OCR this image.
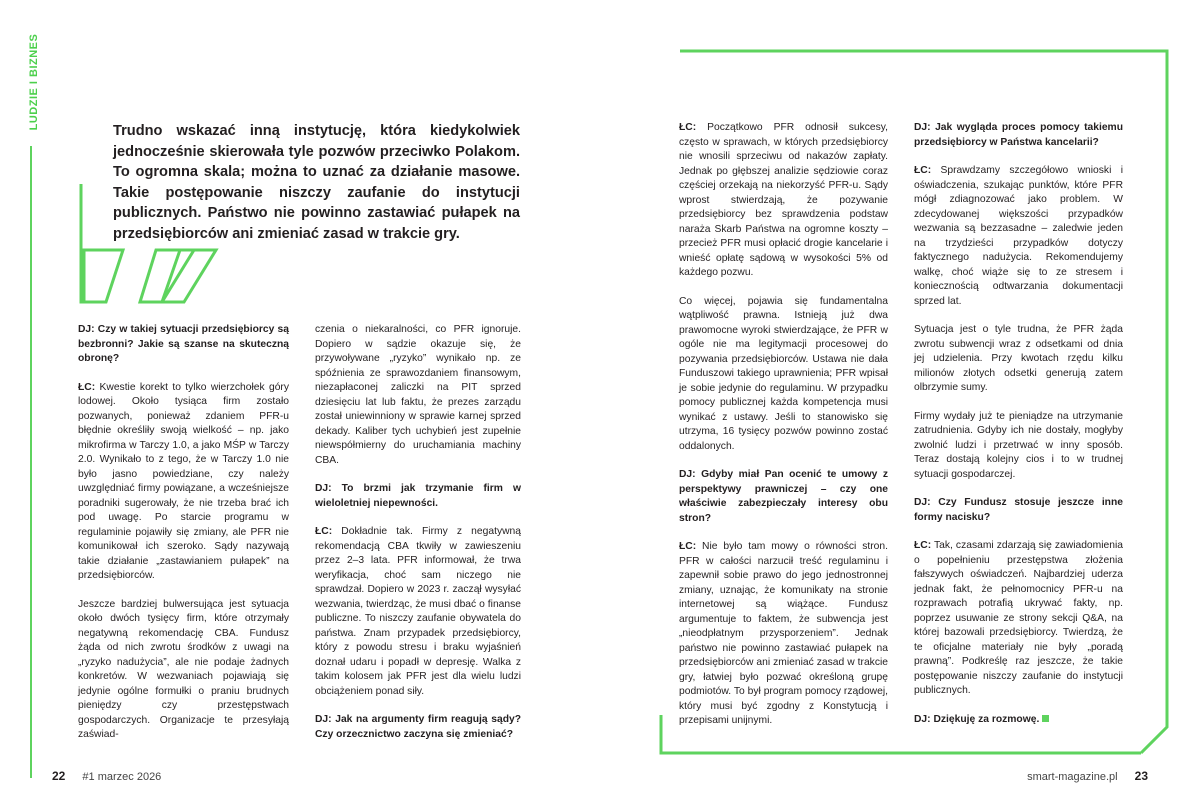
LUDZIE I BIZNES
Trudno wskazać inną instytucję, która kiedykolwiek jednocześnie skierowała tyle pozwów przeciwko Polakom. To ogromna skala; można to uznać za działanie masowe. Takie postępowanie niszczy zaufanie do instytucji publicznych. Państwo nie powinno zastawiać pułapek na przedsiębiorców ani zmieniać zasad w trakcie gry.

DJ: Czy w takiej sytuacji przedsiębiorcy są bezbronni? Jakie są szanse na skuteczną obronę?

ŁC: Kwestie korekt to tylko wierzchołek góry lodowej. Około tysiąca firm zostało pozwanych, ponieważ zdaniem PFR-u błędnie określiły swoją wielkość – np. jako mikrofirma w Tarczy 1.0, a jako MŚP w Tarczy 2.0. Wynikało to z tego, że w Tarczy 1.0 nie było jasno powiedziane, czy należy uwzględniać firmy powiązane, a wcześniejsze poradniki sugerowały, że nie trzeba brać ich pod uwagę. Po starcie programu w regulaminie pojawiły się zmiany, ale PFR nie komunikował ich szeroko. Sądy nazywają takie działanie „zastawianiem pułapek” na przedsiębiorców.

Jeszcze bardziej bulwersująca jest sytuacja około dwóch tysięcy firm, które otrzymały negatywną rekomendację CBA. Fundusz żąda od nich zwrotu środków z uwagi na „ryzyko nadużycia”, ale nie podaje żadnych konkretów. W wezwaniach pojawiają się jedynie ogólne formułki o praniu brudnych pieniędzy czy przestępstwach gospodarczych. Organizacje te przesyłają zaświad-

czenia o niekaralności, co PFR ignoruje. Dopiero w sądzie okazuje się, że przywoływane „ryzyko” wynikało np. ze spóźnienia ze sprawozdaniem finansowym, niezapłaconej zaliczki na PIT sprzed dziesięciu lat lub faktu, że prezes zarządu został uniewinniony w sprawie karnej sprzed dekady. Kaliber tych uchybień jest zupełnie niewspółmierny do uruchamiania machiny CBA.

DJ: To brzmi jak trzymanie firm w wieloletniej niepewności.

ŁC: Dokładnie tak. Firmy z negatywną rekomendacją CBA tkwiły w zawieszeniu przez 2–3 lata. PFR informował, że trwa weryfikacja, choć sam niczego nie sprawdzał. Dopiero w 2023 r. zaczął wysyłać wezwania, twierdząc, że musi dbać o finanse publiczne. To niszczy zaufanie obywatela do państwa. Znam przypadek przedsiębiorcy, który z powodu stresu i braku wyjaśnień doznał udaru i popadł w depresję. Walka z takim kolosem jak PFR jest dla wielu ludzi obciążeniem ponad siły.

DJ: Jak na argumenty firm reagują sądy? Czy orzecznictwo zaczyna się zmieniać?

ŁC: Początkowo PFR odnosił sukcesy, często w sprawach, w których przedsiębiorcy nie wnosili sprzeciwu od nakazów zapłaty. Jednak po głębszej analizie sędziowie coraz częściej orzekają na niekorzyść PFR-u. Sądy wprost stwierdzają, że pozywanie przedsiębiorcy bez sprawdzenia podstaw naraża Skarb Państwa na ogromne koszty – przecież PFR musi opłacić drogie kancelarie i wnieść opłatę sądową w wysokości 5% od każdego pozwu.

Co więcej, pojawia się fundamentalna wątpliwość prawna. Istnieją już dwa prawomocne wyroki stwierdzające, że PFR w ogóle nie ma legitymacji procesowej do pozywania przedsiębiorców. Ustawa nie dała Funduszowi takiego uprawnienia; PFR wpisał je sobie jedynie do regulaminu. W przypadku pomocy publicznej każda kompetencja musi wynikać z ustawy. Jeśli to stanowisko się utrzyma, 16 tysięcy pozwów powinno zostać oddalonych.

DJ: Gdyby miał Pan ocenić te umowy z perspektywy prawniczej – czy one właściwie zabezpieczały interesy obu stron?

ŁC: Nie było tam mowy o równości stron. PFR w całości narzucił treść regulaminu i zapewnił sobie prawo do jego jednostronnej zmiany, uznając, że komunikaty na stronie internetowej są wiążące. Fundusz argumentuje to faktem, że subwencja jest „nieodpłatnym przysporzeniem”. Jednak państwo nie powinno zastawiać pułapek na przedsiębiorców ani zmieniać zasad w trakcie gry, łatwiej było pozwać określoną grupę podmiotów. To był program pomocy rządowej, który musi być zgodny z Konstytucją i przepisami unijnymi.

DJ: Jak wygląda proces pomocy takiemu przedsiębiorcy w Państwa kancelarii?

ŁC: Sprawdzamy szczegółowo wnioski i oświadczenia, szukając punktów, które PFR mógł zdiagnozować jako problem. W zdecydowanej większości przypadków wezwania są bezzasadne – zaledwie jeden na trzydzieści przypadków dotyczy faktycznego nadużycia. Rekomendujemy walkę, choć wiąże się to ze stresem i koniecznością odtwarzania dokumentacji sprzed lat.

Sytuacja jest o tyle trudna, że PFR żąda zwrotu subwencji wraz z odsetkami od dnia jej udzielenia. Przy kwotach rzędu kilku milionów złotych odsetki generują zatem olbrzymie sumy.

Firmy wydały już te pieniądze na utrzymanie zatrudnienia. Gdyby ich nie dostały, mogłyby zwolnić ludzi i przetrwać w inny sposób. Teraz dostają kolejny cios i to w trudnej sytuacji gospodarczej.

DJ: Czy Fundusz stosuje jeszcze inne formy nacisku?

ŁC: Tak, czasami zdarzają się zawiadomienia o popełnieniu przestępstwa złożenia fałszywych oświadczeń. Najbardziej uderza jednak fakt, że pełnomocnicy PFR-u na rozprawach potrafią ukrywać fakty, np. poprzez usuwanie ze strony sekcji Q&A, na której bazowali przedsiębiorcy. Twierdzą, że te oficjalne materiały nie były „poradą prawną”. Podkreślę raz jeszcze, że takie postępowanie niszczy zaufanie do instytucji publicznych.

DJ: Dziękuję za rozmowę.

22 #1 marzec 2026	smart-magazine.pl 23
